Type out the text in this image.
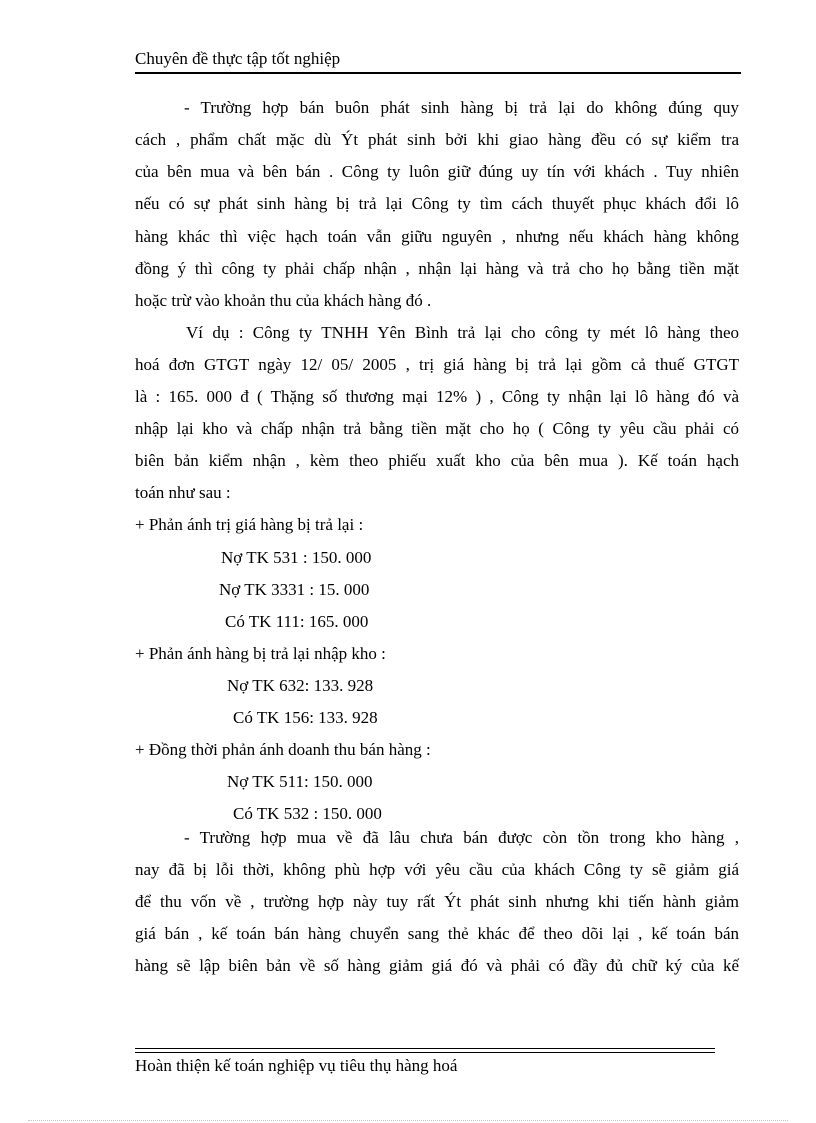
Chuyên đề thực tập tốt nghiệp
- Trường hợp bán buôn phát sinh hàng bị trả lại do không đúng quy
cách , phẩm chất mặc dù Ýt phát sinh bởi khi giao hàng đều có sự kiểm tra
của bên mua và bên bán . Công ty luôn giữ đúng uy tín với khách . Tuy nhiên
nếu có sự phát sinh hàng bị trả lại Công ty tìm cách thuyết phục khách đổi lô
hàng khác thì việc hạch toán vẫn giữu nguyên , nhưng nếu khách hàng không
đồng ý thì công ty phải chấp nhận , nhận lại hàng và trả cho họ bằng tiền mặt
hoặc trừ vào khoản thu của khách hàng đó .
Ví dụ : Công ty TNHH Yên Bình trả lại cho công ty mét lô hàng theo
hoá đơn GTGT ngày 12/ 05/ 2005 , trị giá hàng bị trả lại gồm cả thuế GTGT
là : 165. 000 đ ( Thặng số thương mại 12% ) , Công ty nhận lại lô hàng đó và
nhập lại kho và chấp nhận trả bằng tiền mặt cho họ ( Công ty yêu cầu phải có
biên bản kiểm nhận , kèm theo phiếu xuất kho của bên mua ). Kế toán hạch
toán như sau :
+ Phản ánh trị giá hàng bị trả lại :
Nợ TK 531 : 150. 000
Nợ TK 3331 : 15. 000
Có TK 111: 165. 000
+ Phản ánh hàng bị trả lại nhập kho :
Nợ TK 632: 133. 928
Có TK 156: 133. 928
+ Đồng thời phản ánh doanh thu bán hàng :
Nợ TK 511: 150. 000
Có TK 532 : 150. 000
- Trường hợp mua về đã lâu chưa bán được còn tồn trong kho hàng ,
nay đã bị lỗi thời, không phù hợp với yêu cầu của khách Công ty sẽ giảm giá
để thu vốn về , trường hợp này tuy rất Ýt phát sinh nhưng khi tiến hành giảm
giá bán , kế toán bán hàng chuyển sang thẻ khác để theo dõi lại , kế toán bán
hàng sẽ lập biên bản về số hàng giảm giá đó và phải có đầy đủ chữ ký của kế
Hoàn thiện kế toán nghiệp vụ tiêu thụ hàng hoá
